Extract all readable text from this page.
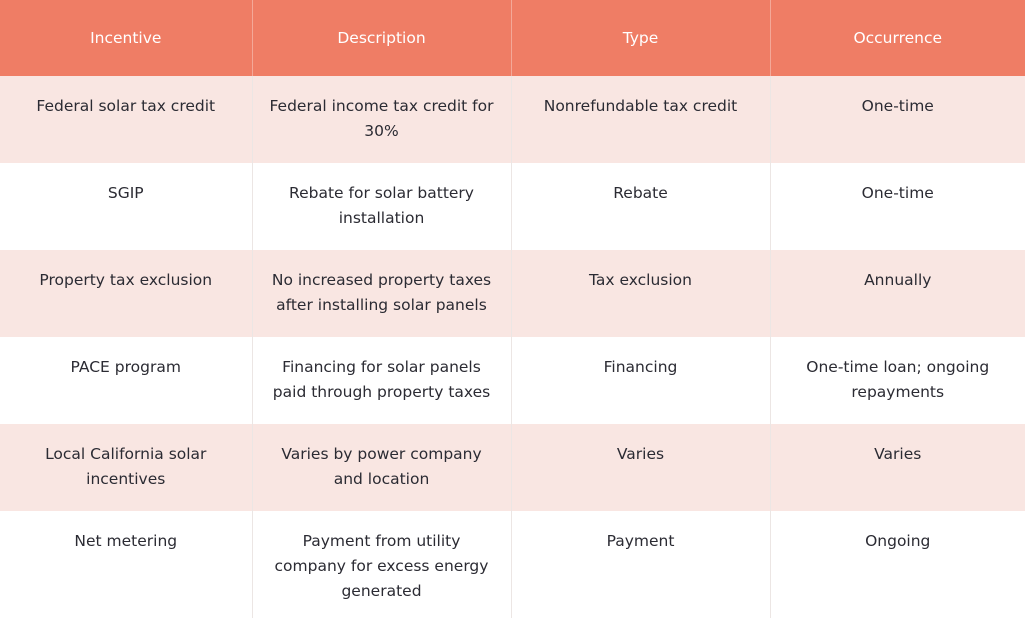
Incentive	Description	Type	Occurrence
Federal solar tax credit	Federal income tax credit for 30%	Nonrefundable tax credit	One-time
SGIP	Rebate for solar battery installation	Rebate	One-time
Property tax exclusion	No increased property taxes after installing solar panels	Tax exclusion	Annually
PACE program	Financing for solar panels paid through property taxes	Financing	One-time loan; ongoing repayments
Local California solar incentives	Varies by power company and location	Varies	Varies
Net metering	Payment from utility company for excess energy generated	Payment	Ongoing
